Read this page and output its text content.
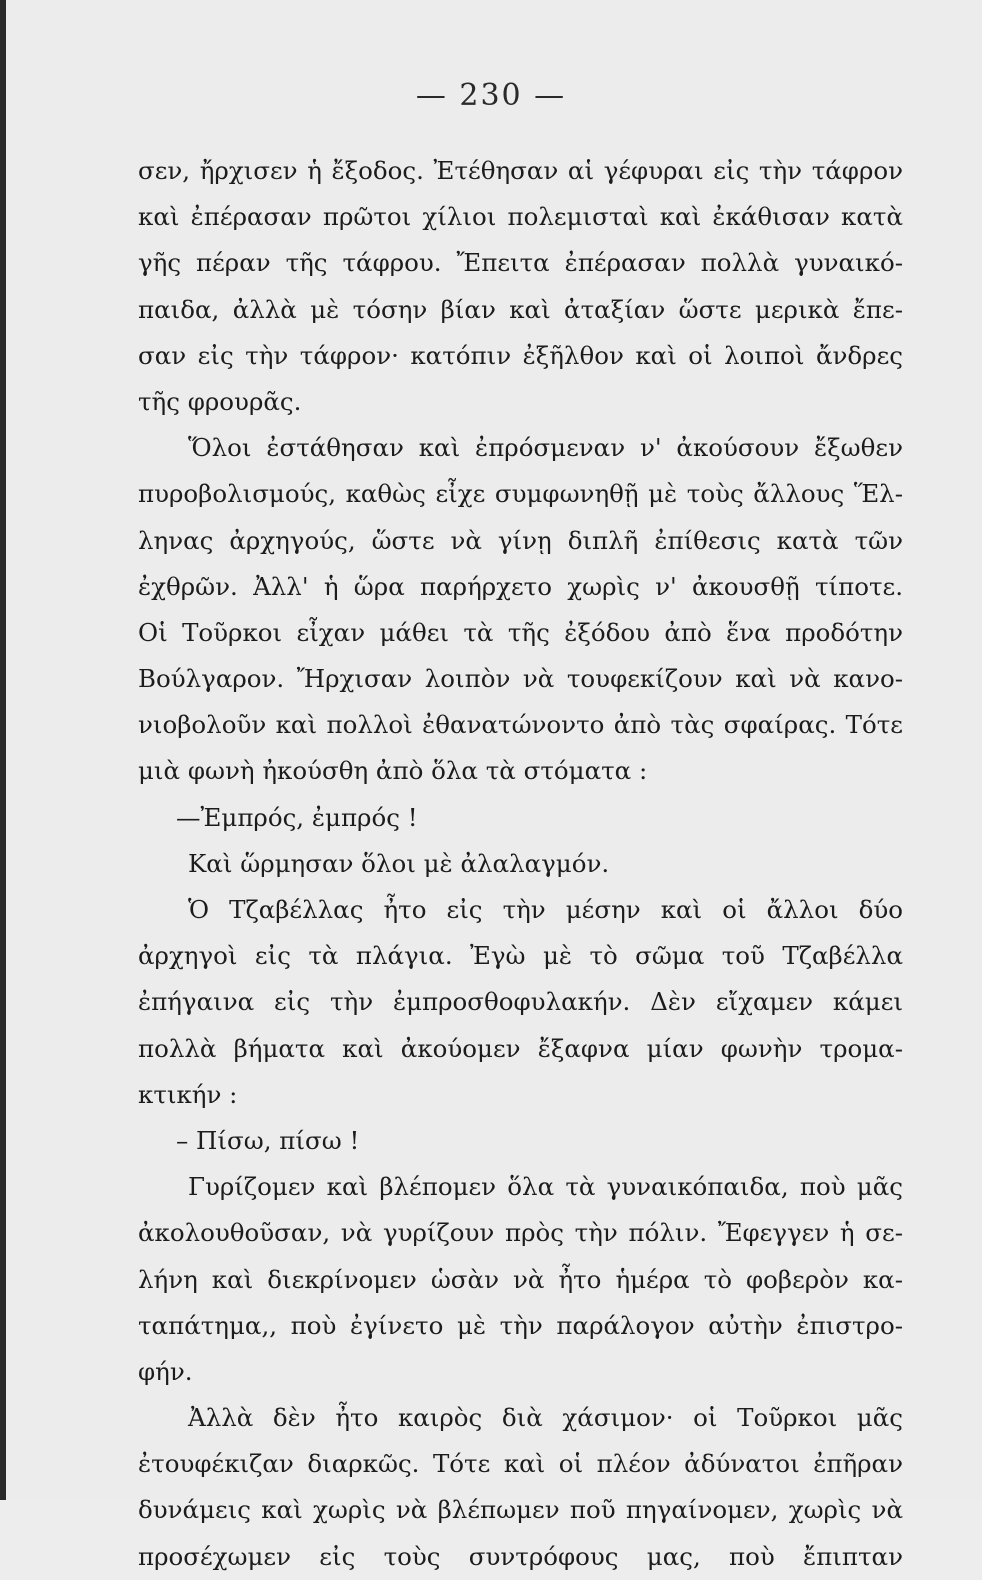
— 230 —
σεν, ἤρχισεν ἡ ἔξοδος. Ἐτέθησαν αἱ γέφυραι εἰς τὴν τάφρον
καὶ ἐπέρασαν πρῶτοι χίλιοι πολεμισταὶ καὶ ἐκάθισαν κατὰ
γῆς πέραν τῆς τάφρου. Ἔπειτα ἐπέρασαν πολλὰ γυναικό-
παιδα, ἀλλὰ μὲ τόσην βίαν καὶ ἀταξίαν ὥστε μερικὰ ἔπε-
σαν εἰς τὴν τάφρον· κατόπιν ἐξῆλθον καὶ οἱ λοιποὶ ἄνδρες
τῆς φρουρᾶς.
Ὅλοι ἐστάθησαν καὶ ἐπρόσμεναν ν' ἀκούσουν ἔξωθεν
πυροβολισμούς, καθὼς εἶχε συμφωνηθῇ μὲ τοὺς ἄλλους Ἕλ-
ληνας ἀρχηγούς, ὥστε νὰ γίνῃ διπλῆ ἐπίθεσις κατὰ τῶν
ἐχθρῶν. Ἀλλ' ἡ ὥρα παρήρχετο χωρὶς ν' ἀκουσθῇ τίποτε.
Οἱ Τοῦρκοι εἶχαν μάθει τὰ τῆς ἐξόδου ἀπὸ ἕνα προδότην
Βούλγαρον. Ἤρχισαν λοιπὸν νὰ τουφεκίζουν καὶ νὰ κανο-
νιοβολοῦν καὶ πολλοὶ ἐθανατώνοντο ἀπὸ τὰς σφαίρας. Τότε
μιὰ φωνὴ ἠκούσθη ἀπὸ ὅλα τὰ στόματα :
—Ἐμπρός, ἐμπρός !
Καὶ ὥρμησαν ὅλοι μὲ ἀλαλαγμόν.
Ὁ Τζαβέλλας ἦτο εἰς τὴν μέσην καὶ οἱ ἄλλοι δύο
ἀρχηγοὶ εἰς τὰ πλάγια. Ἐγὼ μὲ τὸ σῶμα τοῦ Τζαβέλλα
ἐπήγαινα εἰς τὴν ἐμπροσθοφυλακήν. Δὲν εἴχαμεν κάμει
πολλὰ βήματα καὶ ἀκούομεν ἔξαφνα μίαν φωνὴν τρομα-
κτικήν :
– Πίσω, πίσω !
Γυρίζομεν καὶ βλέπομεν ὅλα τὰ γυναικόπαιδα, ποὺ μᾶς
ἀκολουθοῦσαν, νὰ γυρίζουν πρὸς τὴν πόλιν. Ἔφεγγεν ἡ σε-
λήνη καὶ διεκρίνομεν ὡσὰν νὰ ἦτο ἡμέρα τὸ φοβερὸν κα-
ταπάτημα,, ποὺ ἐγίνετο μὲ τὴν παράλογον αὐτὴν ἐπιστρο-
φήν.
Ἀλλὰ δὲν ἦτο καιρὸς διὰ χάσιμον· οἱ Τοῦρκοι μᾶς
ἐτουφέκιζαν διαρκῶς. Τότε καὶ οἱ πλέον ἀδύνατοι ἐπῆραν
δυνάμεις καὶ χωρὶς νὰ βλέπωμεν ποῦ πηγαίνομεν, χωρὶς νὰ
προσέχωμεν εἰς τοὺς συντρόφους μας, ποὺ ἔπιπταν
